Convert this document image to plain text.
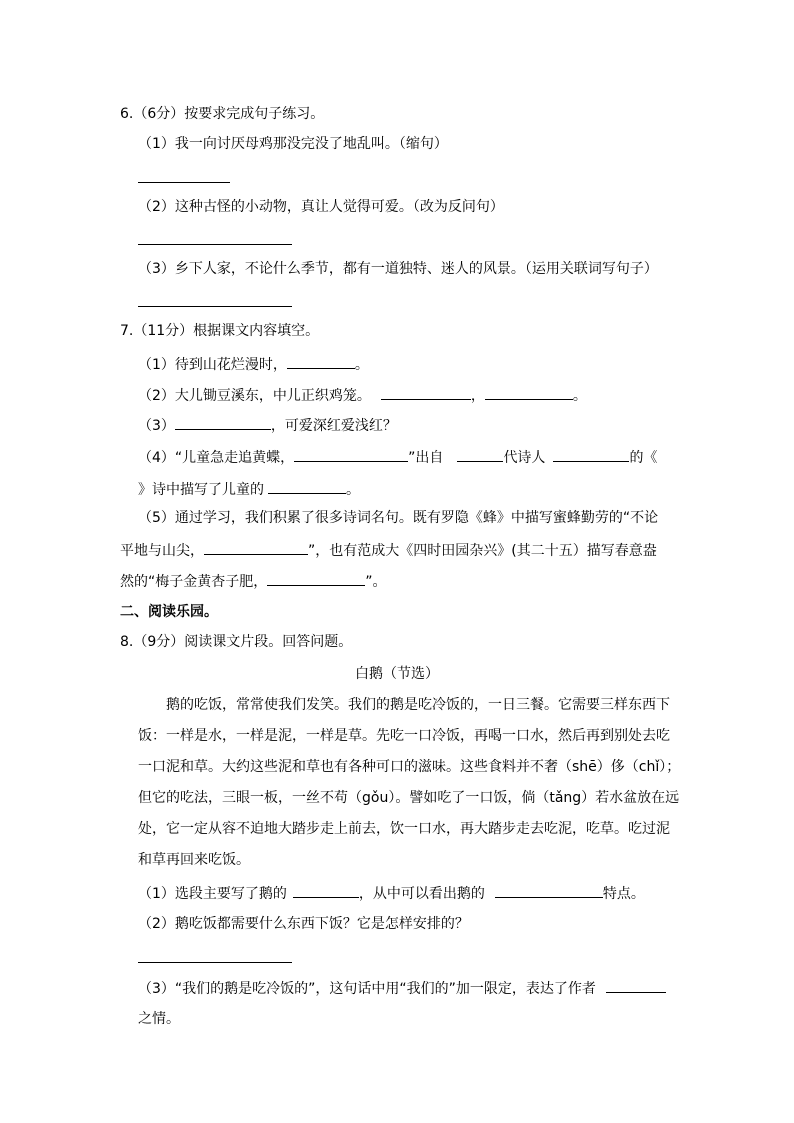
6.（6分）按要求完成句子练习。
（1）我一向讨厌母鸡那没完没了地乱叫。（缩句）
（2）这种古怪的小动物，真让人觉得可爱。（改为反问句）
（3）乡下人家，不论什么季节，都有一道独特、迷人的风景。（运用关联词写句子）
7.（11分）根据课文内容填空。
（1）待到山花烂漫时，	。
（2）大儿锄豆溪东，中儿正织鸡笼。	，	。
（3）	，可爱深红爱浅红？
（4）“儿童急走追黄蝶，	”出自	代诗人	的《
》诗中描写了儿童的	。
（5）通过学习，我们积累了很多诗词名句。既有罗隐《蜂》中描写蜜蜂勤劳的“不论
平地与山尖，	”，也有范成大《四时田园杂兴》(其二十五）描写春意盎
然的“梅子金黄杏子肥，	”。
二、阅读乐园。
8.（9分）阅读课文片段。回答问题。
白鹅（节选）
鹅的吃饭，常常使我们发笑。我们的鹅是吃冷饭的，一日三餐。它需要三样东西下
饭：一样是水，一样是泥，一样是草。先吃一口冷饭，再喝一口水，然后再到别处去吃
一口泥和草。大约这些泥和草也有各种可口的滋味。这些食料并不奢（shē）侈（chǐ）；
但它的吃法，三眼一板，一丝不苟（gǒu）。譬如吃了一口饭，倘（tǎng）若水盆放在远
处，它一定从容不迫地大踏步走上前去，饮一口水，再大踏步走去吃泥，吃草。吃过泥
和草再回来吃饭。
（1）选段主要写了鹅的	，从中可以看出鹅的	特点。
（2）鹅吃饭都需要什么东西下饭？它是怎样安排的？
（3）“我们的鹅是吃冷饭的”，这句话中用“我们的”加一限定，表达了作者
之情。
